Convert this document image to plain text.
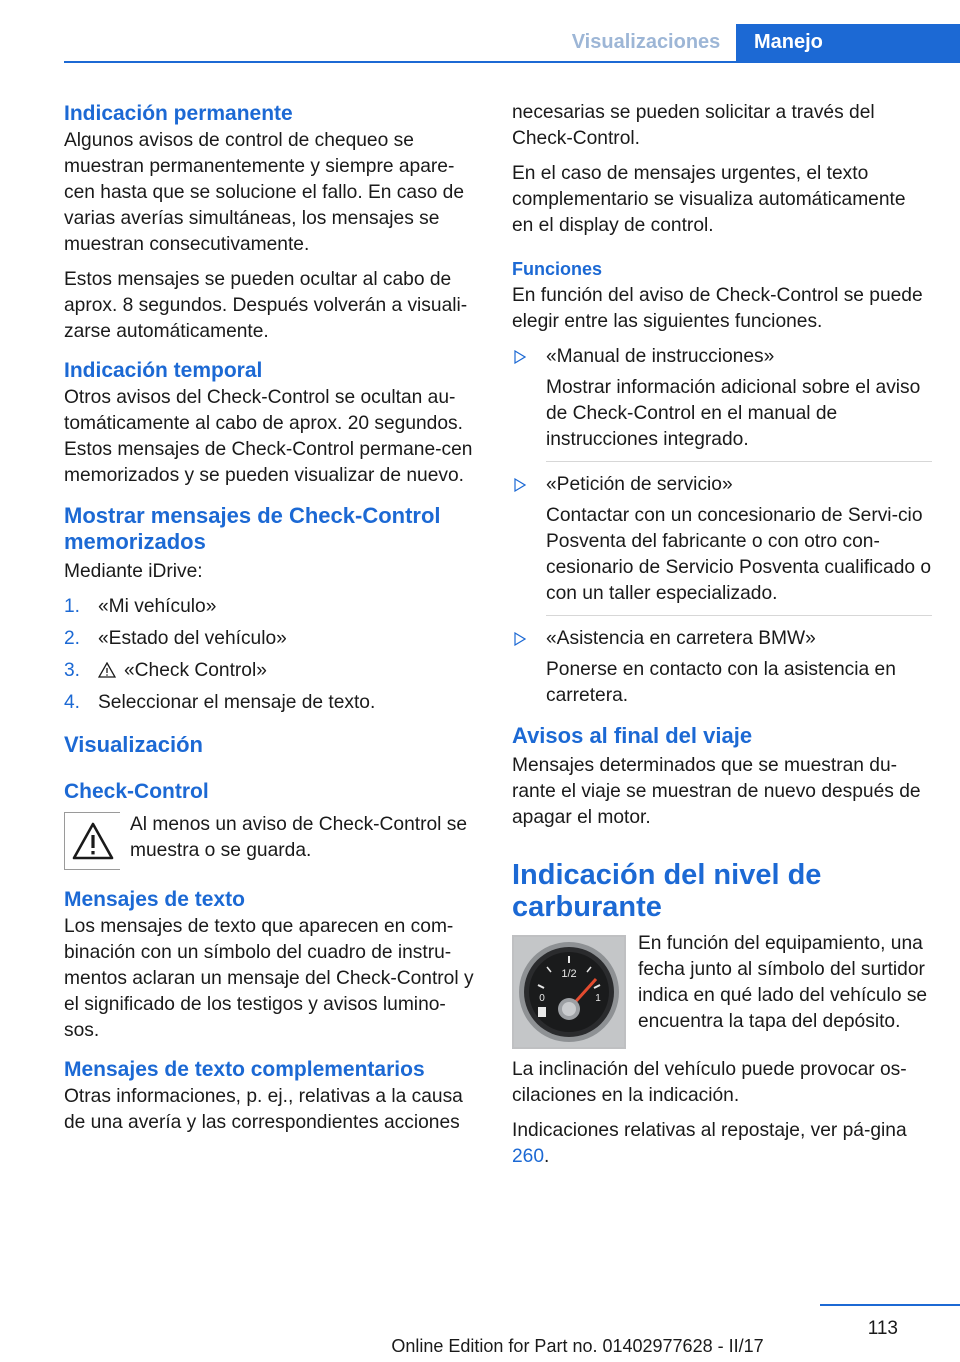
Visualizaciones	Manejo
Indicación permanente

Algunos avisos de control de chequeo se muestran permanentemente y siempre apare‐cen hasta que se solucione el fallo. En caso de varias averías simultáneas, los mensajes se muestran consecutivamente.

Estos mensajes se pueden ocultar al cabo de aprox. 8 segundos. Después volverán a visuali‐zarse automáticamente.

Indicación temporal

Otros avisos del Check-Control se ocultan au‐tomáticamente al cabo de aprox. 20 segundos. Estos mensajes de Check-Control permane‐cen memorizados y se pueden visualizar de nuevo.

Mostrar mensajes de Check-Control memorizados

Mediante iDrive:

1. «Mi vehículo»
2. «Estado del vehículo»
3. «Check Control»
4. Seleccionar el mensaje de texto.
Visualización
Check-Control
Al menos un aviso de Check-Control se muestra o se guarda.
Mensajes de texto

Los mensajes de texto que aparecen en com‐binación con un símbolo del cuadro de instru‐mentos aclaran un mensaje del Check-Control y el significado de los testigos y avisos lumino‐sos.

Mensajes de texto complementarios

Otras informaciones, p. ej., relativas a la causa de una avería y las correspondientes acciones

necesarias se pueden solicitar a través del Check-Control.

En el caso de mensajes urgentes, el texto complementario se visualiza automáticamente en el display de control.

Funciones

En función del aviso de Check-Control se puede elegir entre las siguientes funciones.

«Manual de instrucciones»
Mostrar información adicional sobre el aviso de Check-Control en el manual de instrucciones integrado.
«Petición de servicio»
Contactar con un concesionario de Servi‐cio Posventa del fabricante o con otro con‐cesionario de Servicio Posventa cualificado o con un taller especializado.
«Asistencia en carretera BMW»
Ponerse en contacto con la asistencia en carretera.
Avisos al final del viaje

Mensajes determinados que se muestran du‐rante el viaje se muestran de nuevo después de apagar el motor.

Indicación del nivel de carburante
1/2
0	1
En función del equipamiento, una fecha junto al símbolo del surtidor indica en qué lado del vehículo se encuentra la tapa del depósito.

La inclinación del vehículo puede provocar os‐cilaciones en la indicación.

Indicaciones relativas al repostaje, ver pá‐gina 260.

113
Online Edition for Part no. 01402977628 - II/17
